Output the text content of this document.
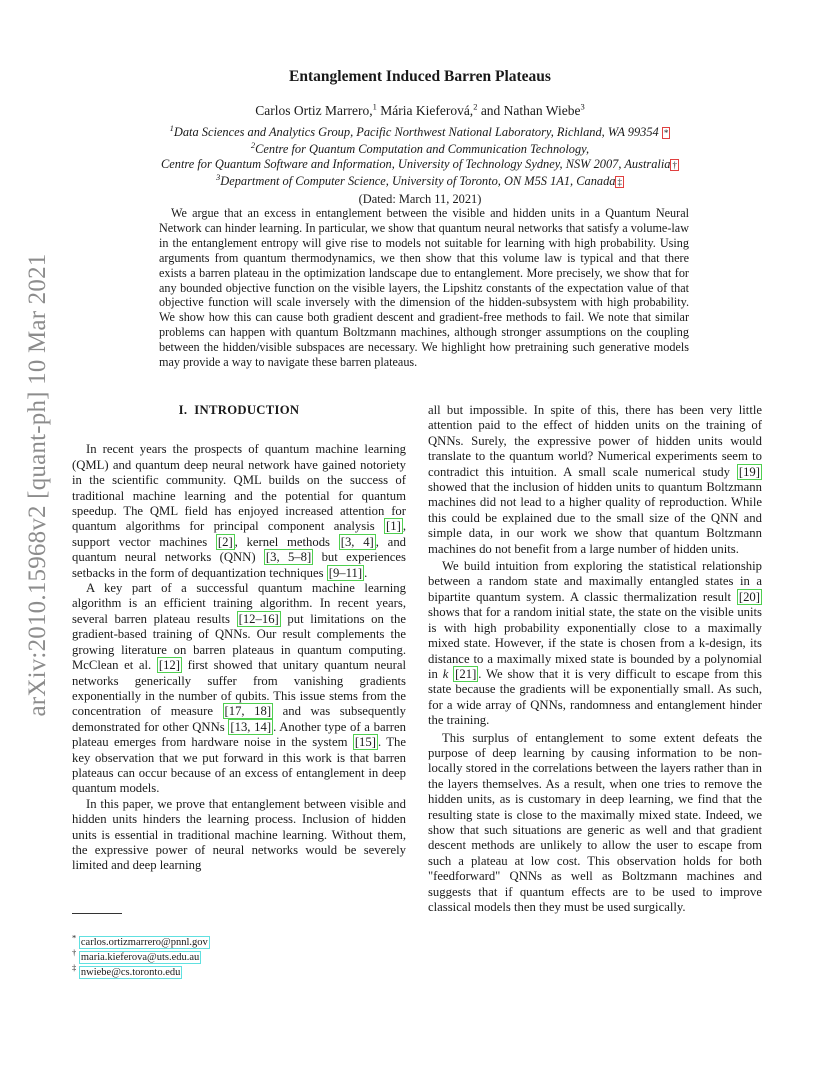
arXiv:2010.15968v2 [quant-ph] 10 Mar 2021
Entanglement Induced Barren Plateaus
Carlos Ortiz Marrero,$^1$ Mária Kieferová,$^2$ and Nathan Wiebe$^3$
$^1$Data Sciences and Analytics Group, Pacific Northwest National Laboratory, Richland, WA 99354 *
$^2$Centre for Quantum Computation and Communication Technology,
Centre for Quantum Software and Information, University of Technology Sydney, NSW 2007, Australia †
$^3$Department of Computer Science, University of Toronto, ON M5S 1A1, Canada ‡
(Dated: March 11, 2021)

We argue that an excess in entanglement between the visible and hidden units in a Quantum Neural Network can hinder learning. In particular, we show that quantum neural networks that satisfy a volume-law in the entanglement entropy will give rise to models not suitable for learning with high probability. Using arguments from quantum thermodynamics, we then show that this volume law is typical and that there exists a barren plateau in the optimization landscape due to entanglement. More precisely, we show that for any bounded objective function on the visible layers, the Lipshitz constants of the expectation value of that objective function will scale inversely with the dimension of the hidden-subsystem with high probability. We show how this can cause both gradient descent and gradient-free methods to fail. We note that similar problems can happen with quantum Boltzmann machines, although stronger assumptions on the coupling between the hidden/visible subspaces are necessary. We highlight how pretraining such generative models may provide a way to navigate these barren plateaus.

I. INTRODUCTION

In recent years the prospects of quantum machine learning (QML) and quantum deep neural network have gained notoriety in the scientific community. QML builds on the success of traditional machine learning and the potential for quantum speedup. The QML field has enjoyed increased attention for quantum algorithms for principal component analysis [1] , support vector machines [2] , kernel methods [3, 4] , and quantum neural networks (QNN) [3, 5–8] but experiences setbacks in the form of dequantization techniques [9–11] .

A key part of a successful quantum machine learning algorithm is an efficient training algorithm. In recent years, several barren plateau results [12–16] put limitations on the gradient-based training of QNNs. Our result complements the growing literature on barren plateaus in quantum computing. McClean et al. [12] first showed that unitary quantum neural networks generically suffer from vanishing gradients exponentially in the number of qubits. This issue stems from the concentration of measure [17, 18] and was subsequently demonstrated for other QNNs [13, 14] . Another type of a barren plateau emerges from hardware noise in the system [15] . The key observation that we put forward in this work is that barren plateaus can occur because of an excess of entanglement in deep quantum models.

In this paper, we prove that entanglement between visible and hidden units hinders the learning process. Inclusion of hidden units is essential in traditional machine learning. Without them, the expressive power of neural networks would be severely limited and deep learning

all but impossible. In spite of this, there has been very little attention paid to the effect of hidden units on the training of QNNs. Surely, the expressive power of hidden units would translate to the quantum world? Numerical experiments seem to contradict this intuition. A small scale numerical study [19] showed that the inclusion of hidden units to quantum Boltzmann machines did not lead to a higher quality of reproduction. While this could be explained due to the small size of the QNN and simple data, in our work we show that quantum Boltzmann machines do not benefit from a large number of hidden units.

We build intuition from exploring the statistical relationship between a random state and maximally entangled states in a bipartite quantum system. A classic thermalization result [20] shows that for a random initial state, the state on the visible units is with high probability exponentially close to a maximally mixed state. However, if the state is chosen from a k-design, its distance to a maximally mixed state is bounded by a polynomial in k [21] . We show that it is very difficult to escape from this state because the gradients will be exponentially small. As such, for a wide array of QNNs, randomness and entanglement hinder the training.

This surplus of entanglement to some extent defeats the purpose of deep learning by causing information to be non-locally stored in the correlations between the layers rather than in the layers themselves. As a result, when one tries to remove the hidden units, as is customary in deep learning, we find that the resulting state is close to the maximally mixed state. Indeed, we show that such situations are generic as well and that gradient descent methods are unlikely to allow the user to escape from such a plateau at low cost. This observation holds for both "feedforward" QNNs as well as Boltzmann machines and suggests that if quantum effects are to be used to improve classical models then they must be used surgically.

* carlos.ortizmarrero@pnnl.gov
† maria.kieferova@uts.edu.au
‡ nwiebe@cs.toronto.edu
